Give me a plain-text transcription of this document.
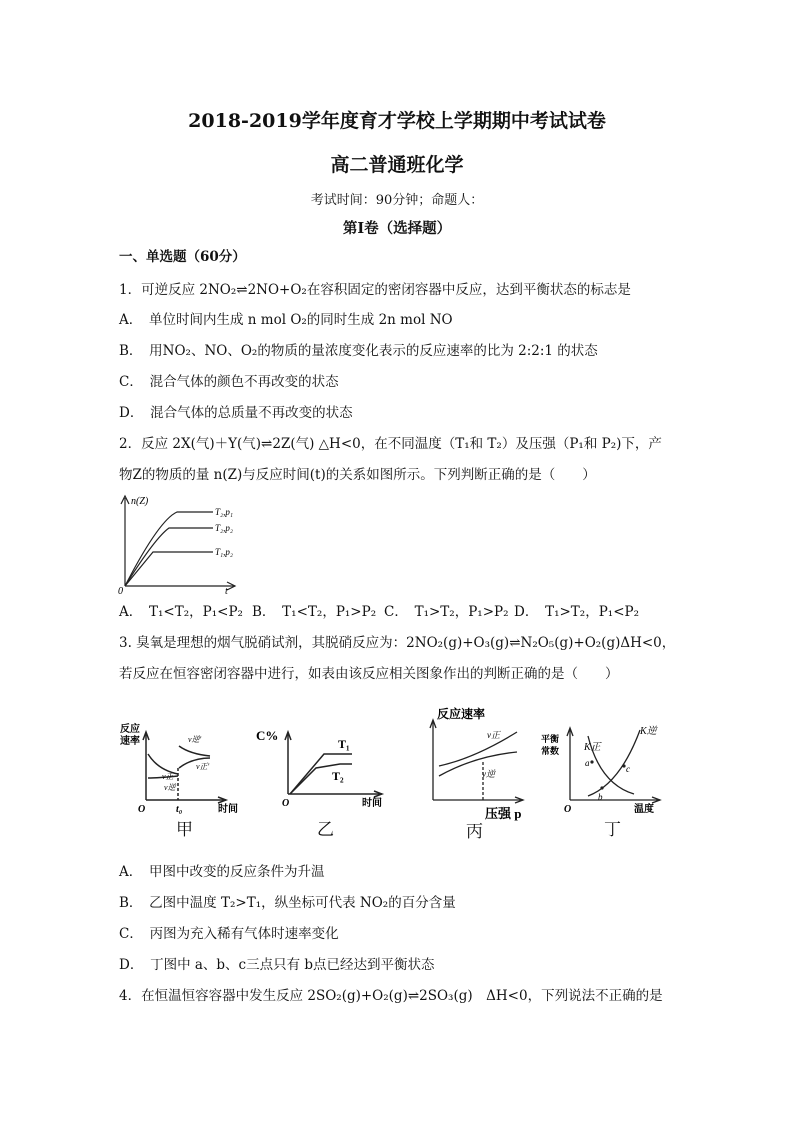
2018-2019学年度育才学校上学期期中考试试卷
高二普通班化学
考试时间：90分钟；命题人：
第I卷（选择题）
一、单选题（60分）
1．可逆反应 2NO₂⇌2NO+O₂在容积固定的密闭容器中反应，达到平衡状态的标志是
A．　单位时间内生成 n mol O₂的同时生成 2n mol NO
B．　用NO₂、NO、O₂的物质的量浓度变化表示的反应速率的比为 2:2:1 的状态
C．　混合气体的颜色不再改变的状态
D．　混合气体的总质量不再改变的状态
2．反应 2X(气)＋Y(气)⇌2Z(气) △H<0，在不同温度（T₁和 T₂）及压强（P₁和 P₂)下，产
物Z的物质的量 n(Z)与反应时间(t)的关系如图所示。下列判断正确的是（　　）
n(Z)
0	t
T₂,p₁
T₂,p₂
T₁,p₂
A．　T₁<T₂，P₁<P₂ B．　T₁<T₂，P₁>P₂ C．　T₁>T₂，P₁>P₂ D．　T₁>T₂，P₁<P₂
3. 臭氧是理想的烟气脱硝试剂，其脱硝反应为：2NO₂(g)+O₃(g)⇌N₂O₅(g)+O₂(g)ΔH<0，
若反应在恒容密闭容器中进行，如表由该反应相关图象作出的判断正确的是（　　）
反应
速率
O	t₀	时间
v逆′
v正′
v正
v逆
甲
C%
T₁
T₂
O	时间
乙
反应速率
v正
v逆
压强 p
丙
平衡
常数 K正
K逆
a
b
c
O	温度
丁
A．　甲图中改变的反应条件为升温
B．　乙图中温度 T₂>T₁，纵坐标可代表 NO₂的百分含量
C．　丙图为充入稀有气体时速率变化
D．　丁图中 a、b、c三点只有 b点已经达到平衡状态
4．在恒温恒容容器中发生反应 2SO₂(g)+O₂(g)⇌2SO₃(g)　ΔH<0，下列说法不正确的是
